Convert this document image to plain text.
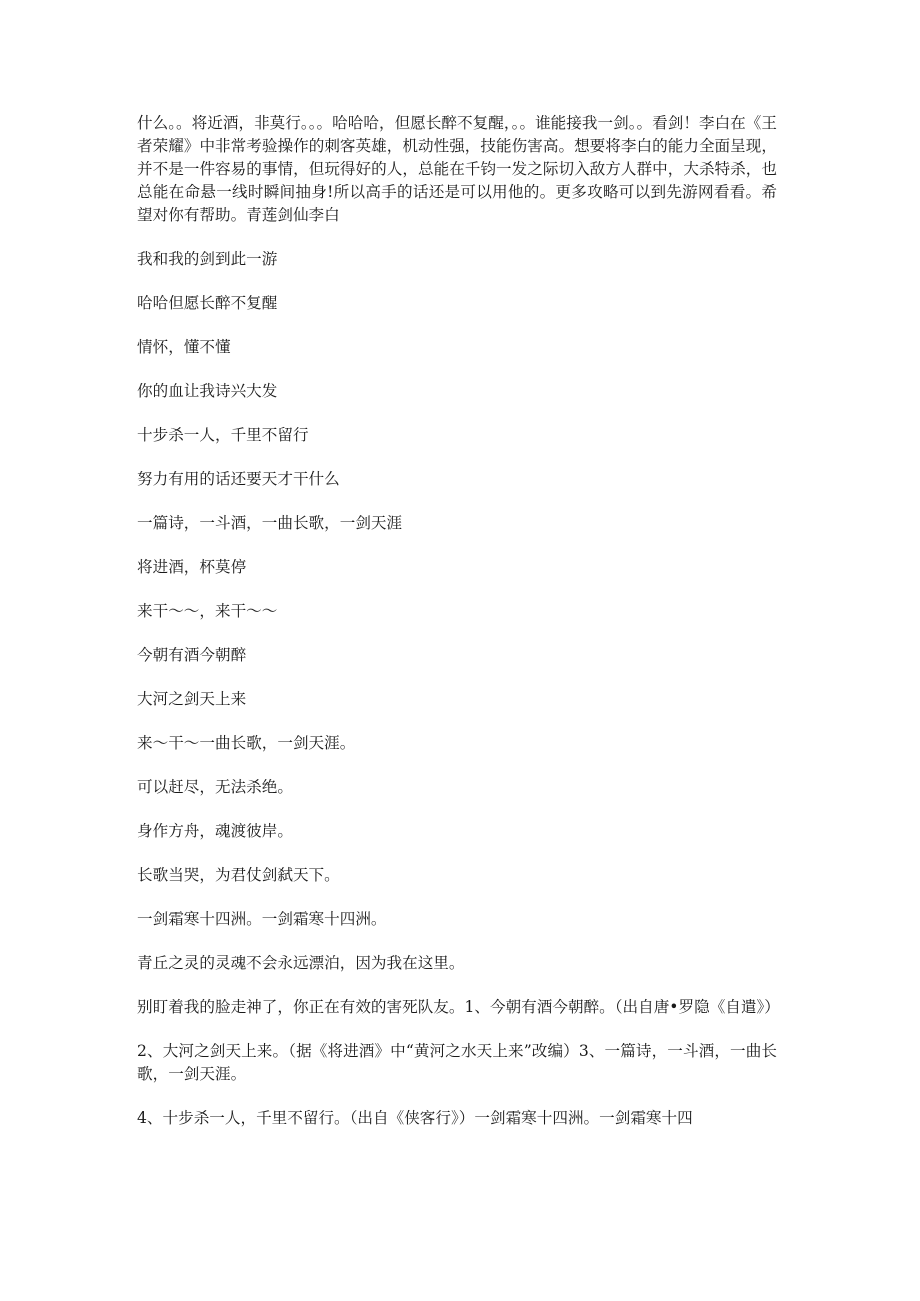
什么。。将近酒，非莫行。。。哈哈哈，但愿长醉不复醒，。。谁能接我一剑。。看剑！李白在《王者荣耀》中非常考验操作的刺客英雄，机动性强，技能伤害高。想要将李白的能力全面呈现，并不是一件容易的事情，但玩得好的人，总能在千钧一发之际切入敌方人群中，大杀特杀，也总能在命悬一线时瞬间抽身!所以高手的话还是可以用他的。更多攻略可以到先游网看看。希望对你有帮助。青莲剑仙李白

我和我的剑到此一游

哈哈但愿长醉不复醒

情怀，懂不懂

你的血让我诗兴大发

十步杀一人，千里不留行

努力有用的话还要天才干什么

一篇诗，一斗酒，一曲长歌，一剑天涯

将进酒，杯莫停

来干～～，来干～～

今朝有酒今朝醉

大河之剑天上来

来～干～一曲长歌，一剑天涯。

可以赶尽，无法杀绝。

身作方舟，魂渡彼岸。

长歌当哭，为君仗剑弑天下。

一剑霜寒十四洲。一剑霜寒十四洲。

青丘之灵的灵魂不会永远漂泊，因为我在这里。

别盯着我的脸走神了，你正在有效的害死队友。1、今朝有酒今朝醉。（出自唐•罗隐《自遣》）

2、大河之剑天上来。（据《将进酒》中“黄河之水天上来”改编）3、一篇诗，一斗酒，一曲长歌，一剑天涯。

4、十步杀一人，千里不留行。（出自《侠客行》）一剑霜寒十四洲。一剑霜寒十四
